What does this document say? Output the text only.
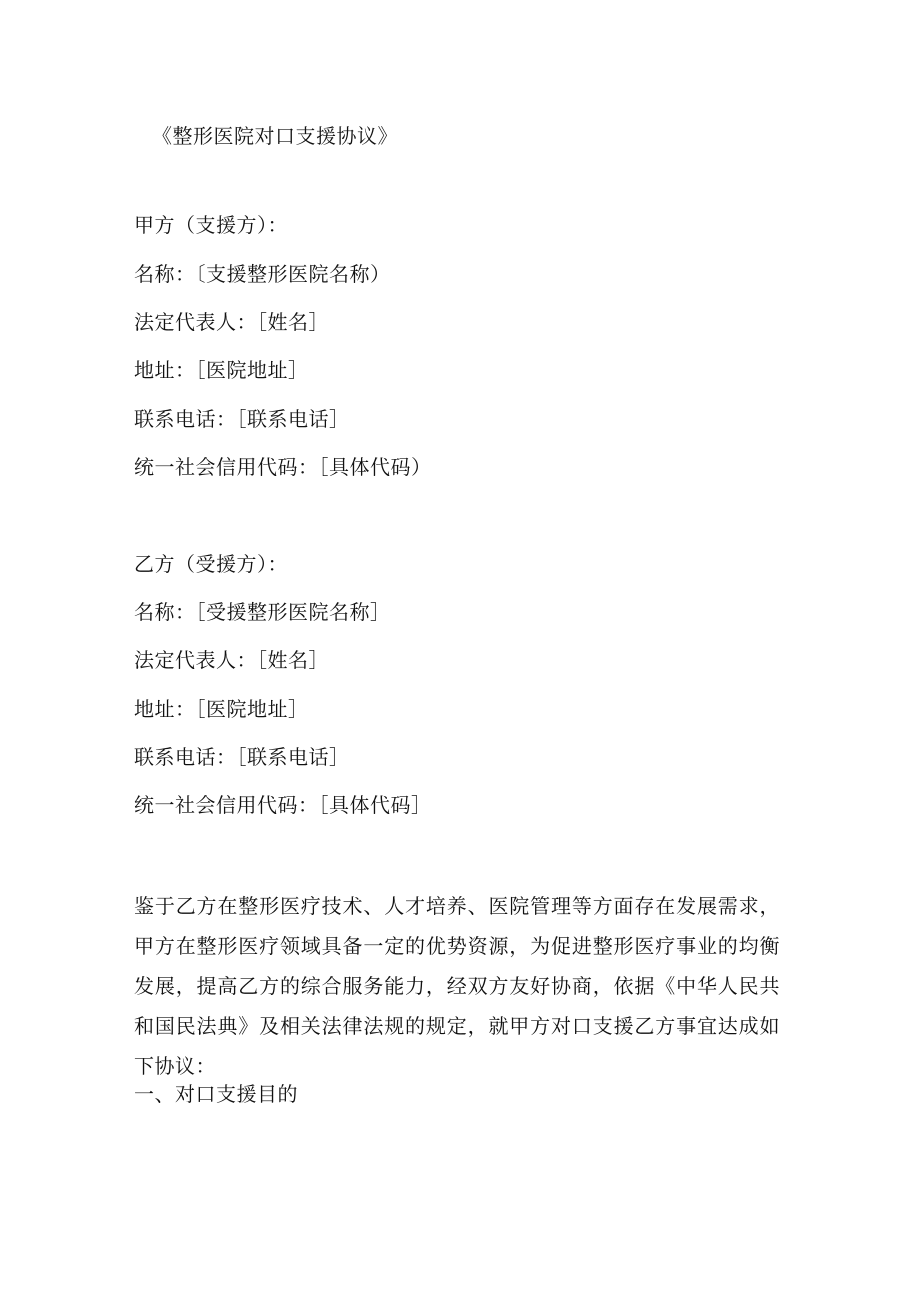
《整形医院对口支援协议》
甲方（支援方）：
名称：〔支援整形医院名称）
法定代表人：［姓名］
地址：［医院地址］
联系电话：［联系电话］
统一社会信用代码：［具体代码）
乙方（受援方）：
名称：［受援整形医院名称］
法定代表人：［姓名］
地址：［医院地址］
联系电话：［联系电话］
统一社会信用代码：［具体代码］
鉴于乙方在整形医疗技术、人才培养、医院管理等方面存在发展需求，甲方在整形医疗领域具备一定的优势资源，为促进整形医疗事业的均衡发展，提高乙方的综合服务能力，经双方友好协商，依据《中华人民共和国民法典》及相关法律法规的规定，就甲方对口支援乙方事宜达成如下协议：
一、对口支援目的
